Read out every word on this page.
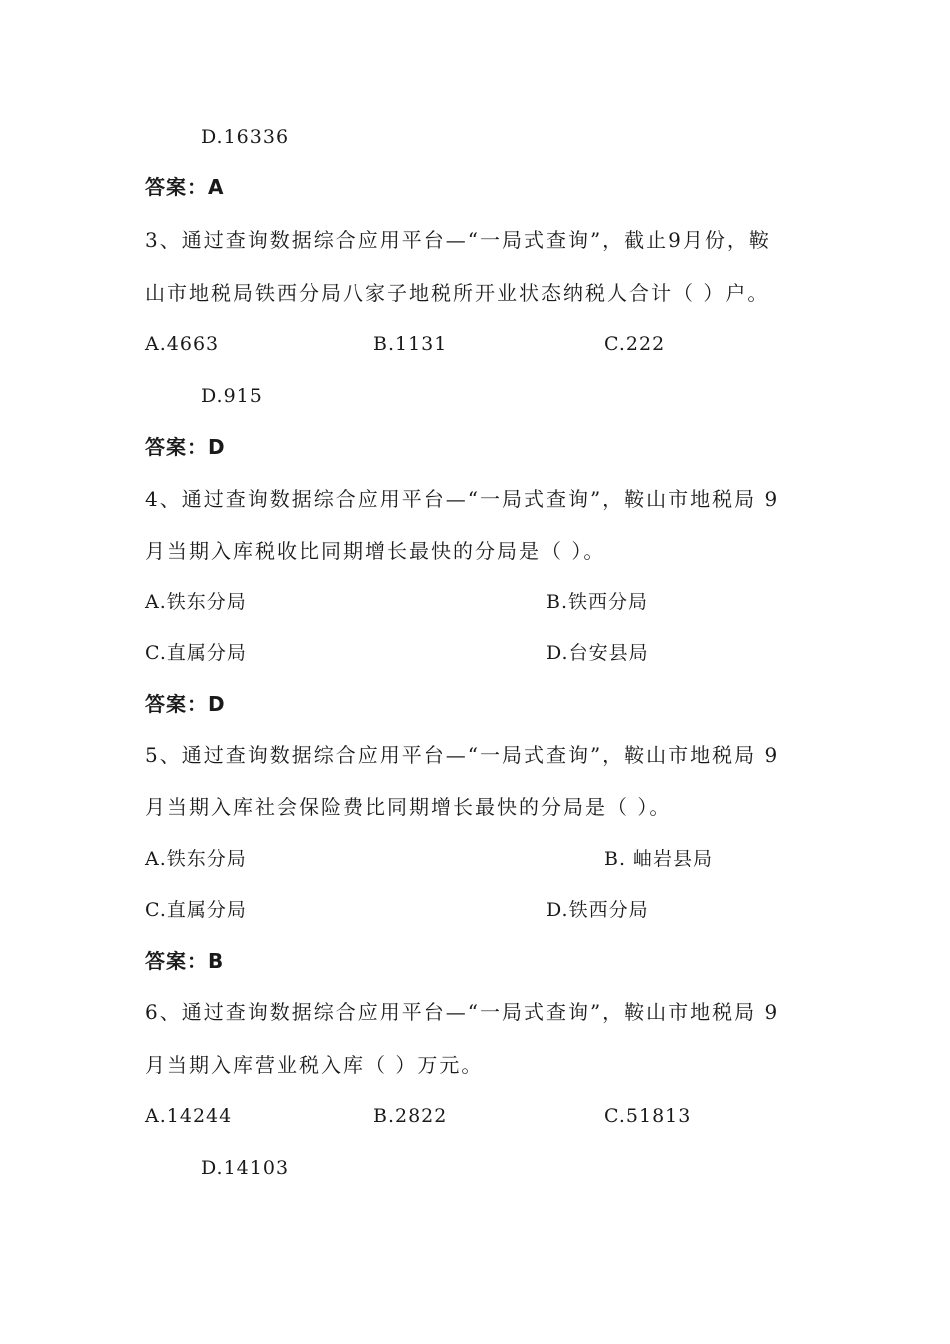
D.16336
答案：A
3、通过查询数据综合应用平台—“一局式查询”，截止9月份，鞍
山市地税局铁西分局八家子地税所开业状态纳税人合计（ ）户。
A.4663	B.1131	C.222
D.915
答案：D
4、通过查询数据综合应用平台—“一局式查询”，鞍山市地税局 9
月当期入库税收比同期增长最快的分局是（ ）。
A.铁东分局	B.铁西分局
C.直属分局	D.台安县局
答案：D
5、通过查询数据综合应用平台—“一局式查询”，鞍山市地税局 9
月当期入库社会保险费比同期增长最快的分局是（ ）。
A.铁东分局	B. 岫岩县局
C.直属分局	D.铁西分局
答案：B
6、通过查询数据综合应用平台—“一局式查询”，鞍山市地税局 9
月当期入库营业税入库（ ）万元。
A.14244	B.2822	C.51813
D.14103
